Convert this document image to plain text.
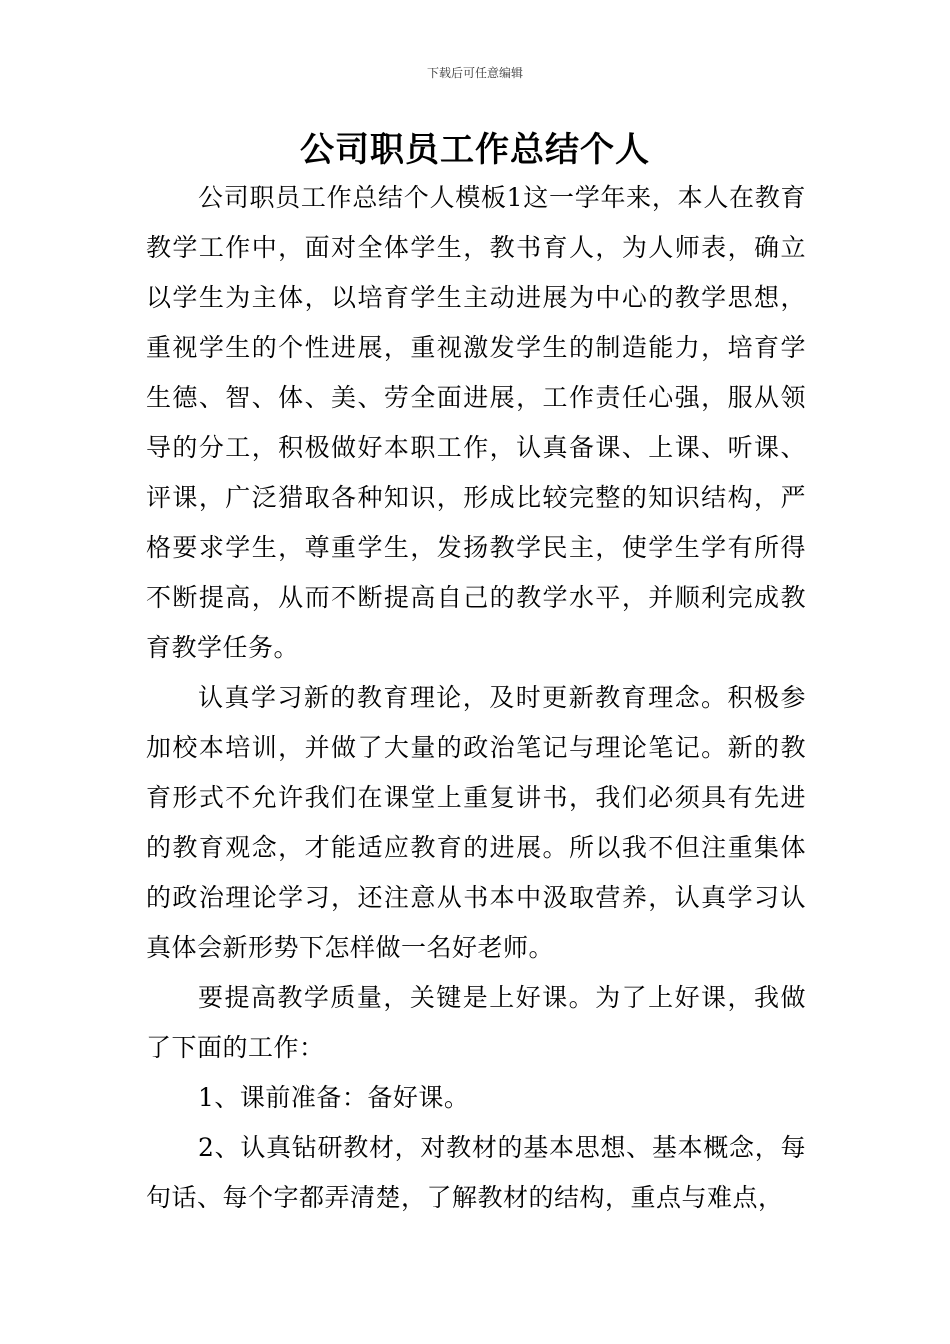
下载后可任意编辑
公司职员工作总结个人

公司职员工作总结个人模板1这一学年来，本人在教育教学工作中，面对全体学生，教书育人，为人师表，确立以学生为主体，以培育学生主动进展为中心的教学思想，重视学生的个性进展，重视激发学生的制造能力，培育学生德、智、体、美、劳全面进展，工作责任心强，服从领导的分工，积极做好本职工作，认真备课、上课、听课、评课，广泛猎取各种知识，形成比较完整的知识结构，严格要求学生，尊重学生，发扬教学民主，使学生学有所得不断提高，从而不断提高自己的教学水平，并顺利完成教育教学任务。

认真学习新的教育理论，及时更新教育理念。积极参加校本培训，并做了大量的政治笔记与理论笔记。新的教育形式不允许我们在课堂上重复讲书，我们必须具有先进的教育观念，才能适应教育的进展。所以我不但注重集体的政治理论学习，还注意从书本中汲取营养，认真学习认真体会新形势下怎样做一名好老师。

要提高教学质量，关键是上好课。为了上好课，我做了下面的工作：

1、课前准备：备好课。

2、认真钻研教材，对教材的基本思想、基本概念，每句话、每个字都弄清楚，了解教材的结构，重点与难点，
